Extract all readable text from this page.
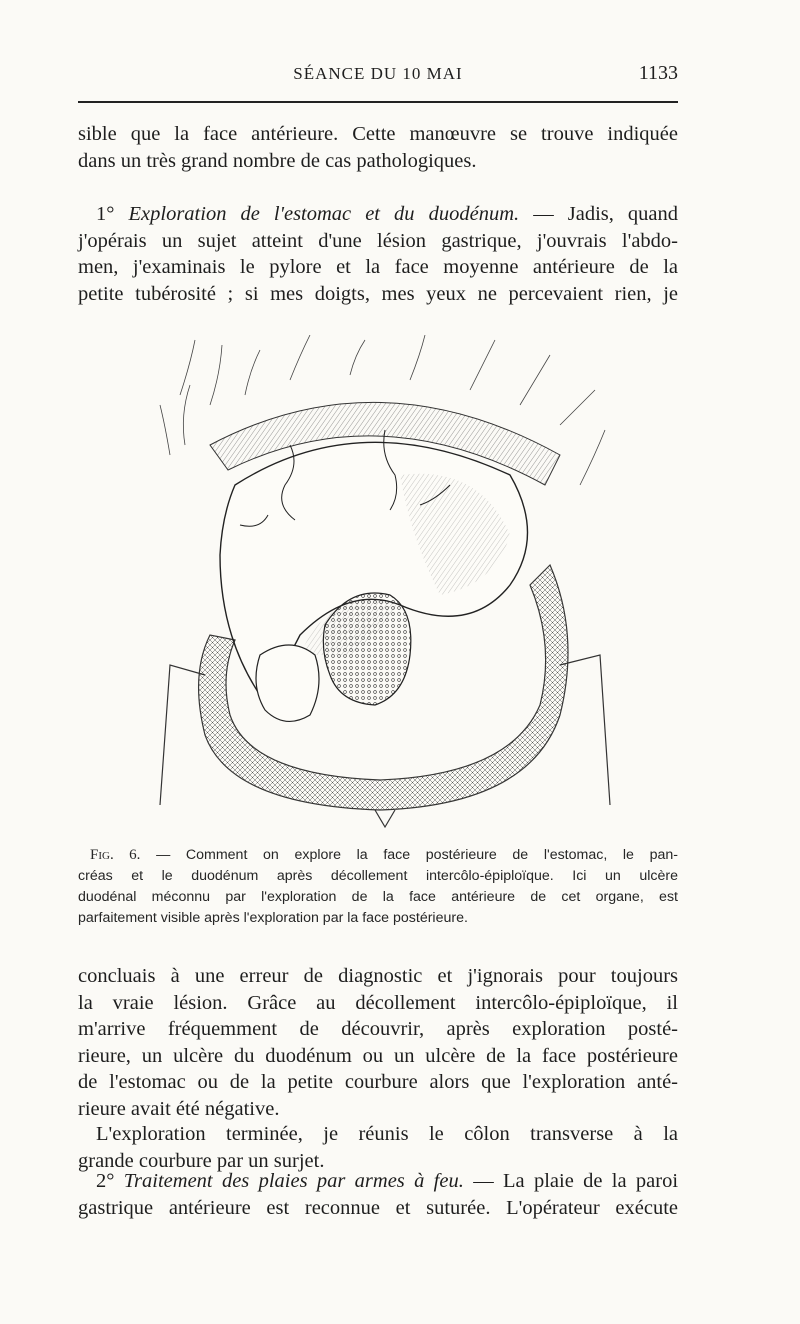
SÉANCE DU 10 MAI	1133
sible que la face antérieure. Cette manœuvre se trouve indiquée
dans un très grand nombre de cas pathologiques.
1° Exploration de l'estomac et du duodénum. — Jadis, quand
j'opérais un sujet atteint d'une lésion gastrique, j'ouvrais l'abdo-
men, j'examinais le pylore et la face moyenne antérieure de la
petite tubérosité ; si mes doigts, mes yeux ne percevaient rien, je
Fig. 6. — Comment on explore la face postérieure de l'estomac, le pan-
créas et le duodénum après décollement intercôlo-épiploïque. Ici un ulcère
duodénal méconnu par l'exploration de la face antérieure de cet organe, est
parfaitement visible après l'exploration par la face postérieure.
concluais à une erreur de diagnostic et j'ignorais pour toujours
la vraie lésion. Grâce au décollement intercôlo-épiploïque, il
m'arrive fréquemment de découvrir, après exploration posté-
rieure, un ulcère du duodénum ou un ulcère de la face postérieure
de l'estomac ou de la petite courbure alors que l'exploration anté-
rieure avait été négative.
L'exploration terminée, je réunis le côlon transverse à la
grande courbure par un surjet.
2° Traitement des plaies par armes à feu. — La plaie de la paroi
gastrique antérieure est reconnue et suturée. L'opérateur exécute
